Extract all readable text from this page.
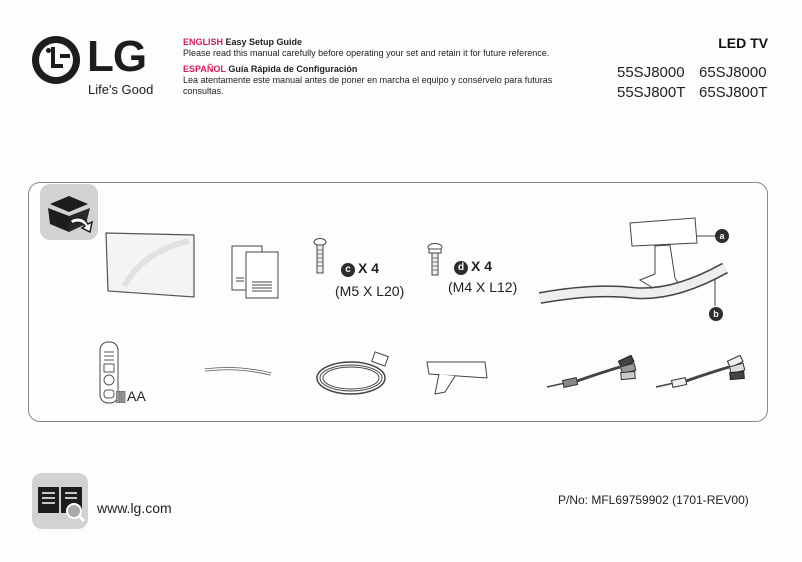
LG
Life's Good
ENGLISH Easy Setup Guide
Please read this manual carefully before operating your set and retain it for future reference.
ESPAÑOL Guía Rápida de Configuración
Lea atentamente este manual antes de poner en marcha el equipo y consérvelo para futuras consultas.
LED TV
55SJ8000 65SJ8000
55SJ800T 65SJ800T
c X 4
(M5 X L20)
d X 4
(M4 X L12)
a
b
AA
www.lg.com	P/No: MFL69759902 (1701-REV00)
